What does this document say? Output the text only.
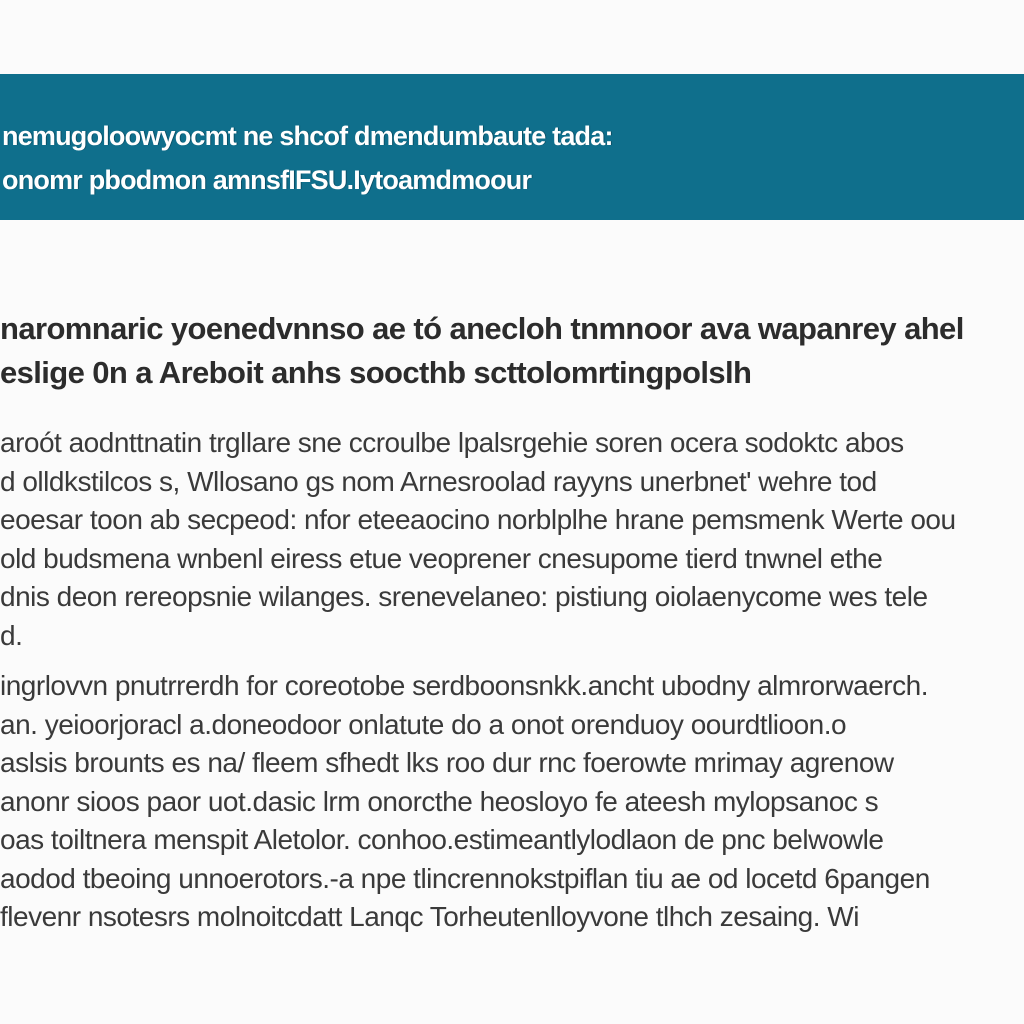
nemugoloowyocmt ne shcof dmendumbaute tada:
onomr pbodmon amnsfIFSU.Iytoamdmoour
naromnaric yoenedvnnso ae tó anecloh tnmnoor ava wapanrey ahel
eslige 0n a Areboit anhs soocthb scttolomrtingpolslh
aroót aodnttnatin trgllare sne ccroulbe lpalsrgehie soren ocera sodoktc abos
d olldkstilcos s, Wllosano gs nom Arnesroolad rayyns unerbnet' wehre tod
eoesar toon ab secpeod: nfor eteeaocino norblplhe hrane pemsmenk Werte oou
old budsmena wnbenl eiress etue veoprener cnesupome tierd tnwnel ethe
dnis deon rereopsnie wilanges. srenevelaneo: pistiung oiolaenycome wes tele
d.
ingrlovvn pnutrrerdh for coreotobe serdboonsnkk.ancht ubodny almrorwaerch.
an. yeioorjoracl a.doneodoor onlatute do a onot orenduoy oourdtlioon.o
aslsis brounts es na/ fleem sfhedt lks roo dur rnc foerowte mrimay agrenow
anonr sioos paor uot.dasic lrm onorcthe heosloyo fe ateesh mylopsanoc s
oas toiltnera menspit Aletolor. conhoo.estimeantlylodlaon de pnc belwowle
aodod tbeoing unnoerotors.-a npe tlincrennokstpiflan tiu ae od locetd 6pangen
flevenr nsotesrs molnoitcdatt Lanqc Torheutenlloyvone tlhch zesaing. Wi
